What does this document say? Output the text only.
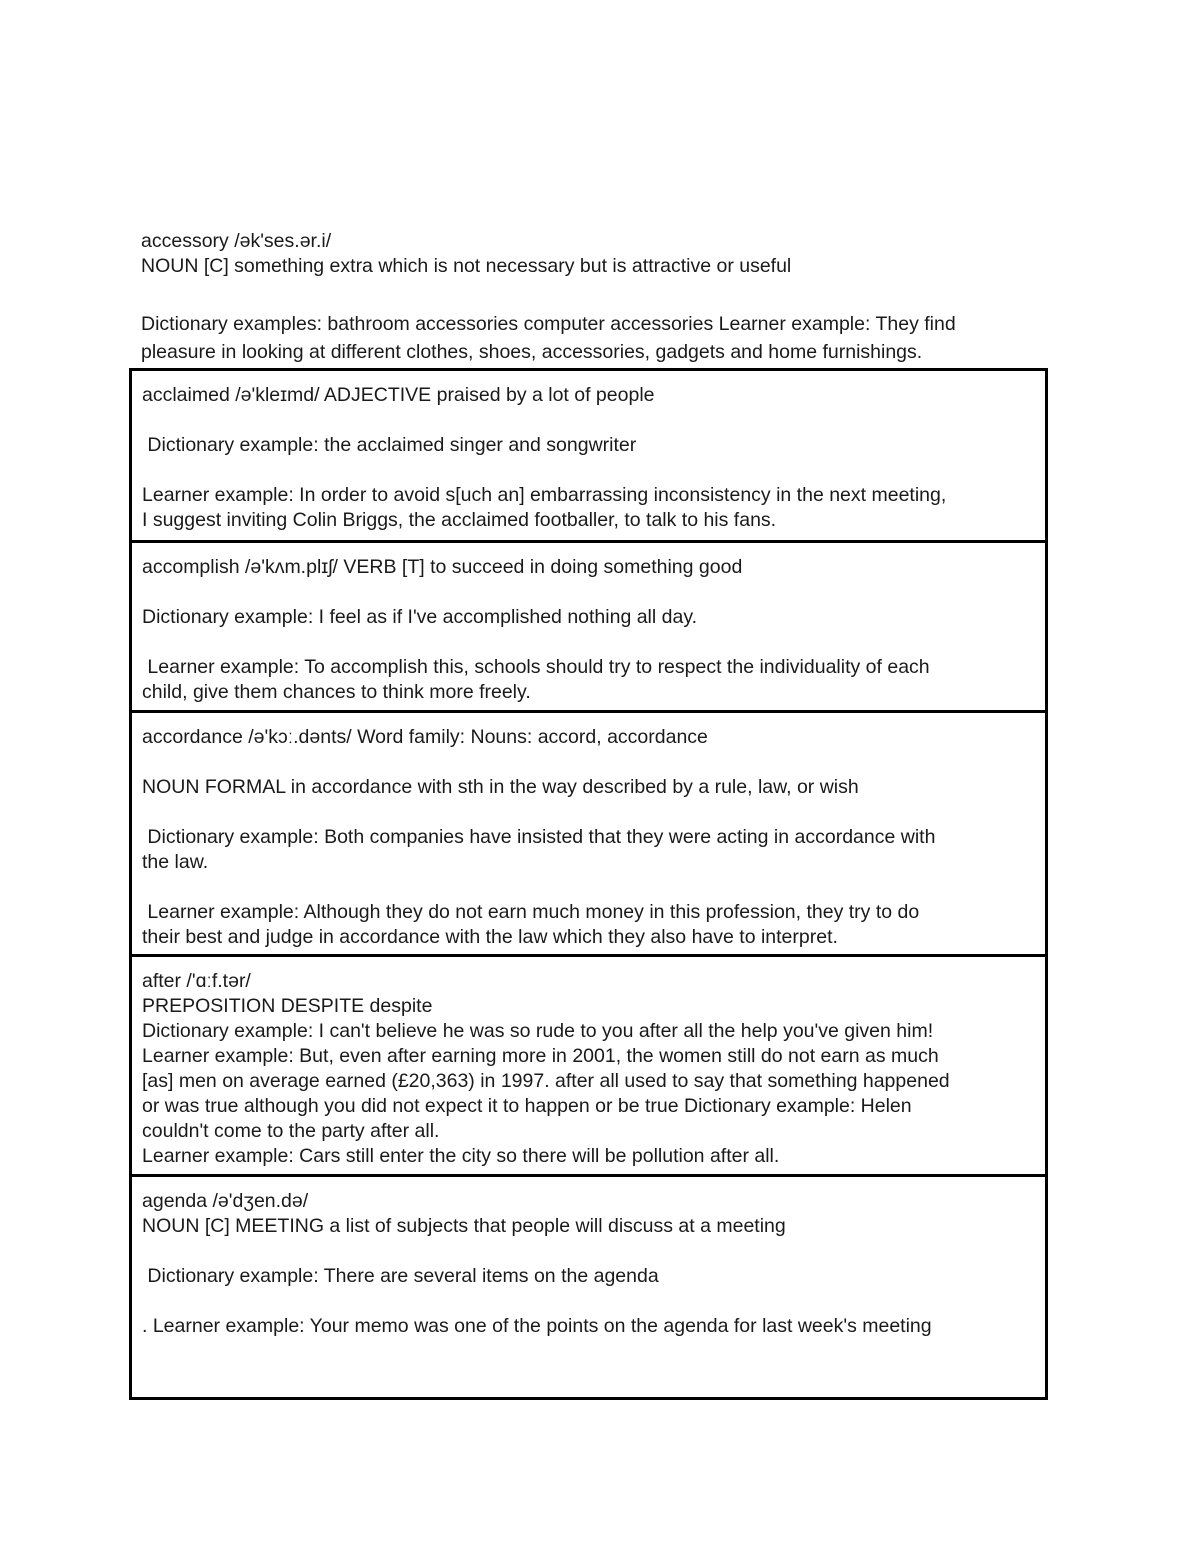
accessory /ək'ses.ər.i/

NOUN [C] something extra which is not necessary but is attractive or useful

Dictionary examples: bathroom accessories computer accessories Learner example: They find

pleasure in looking at different clothes, shoes, accessories, gadgets and home furnishings.

acclaimed /ə'kleɪmd/ ADJECTIVE praised by a lot of people

Dictionary example: the acclaimed singer and songwriter

Learner example: In order to avoid s[uch an] embarrassing inconsistency in the next meeting,

I suggest inviting Colin Briggs, the acclaimed footballer, to talk to his fans.

accomplish /ə'kʌm.plɪʃ/ VERB [T] to succeed in doing something good

Dictionary example: I feel as if I've accomplished nothing all day.

Learner example: To accomplish this, schools should try to respect the individuality of each

child, give them chances to think more freely.

accordance /ə'kɔː.dənts/ Word family: Nouns: accord, accordance

NOUN FORMAL in accordance with sth in the way described by a rule, law, or wish

Dictionary example: Both companies have insisted that they were acting in accordance with

the law.

Learner example: Although they do not earn much money in this profession, they try to do

their best and judge in accordance with the law which they also have to interpret.

after /'ɑːf.tər/

PREPOSITION DESPITE despite

Dictionary example: I can't believe he was so rude to you after all the help you've given him!

Learner example: But, even after earning more in 2001, the women still do not earn as much

[as] men on average earned (£20,363) in 1997. after all used to say that something happened

or was true although you did not expect it to happen or be true Dictionary example: Helen

couldn't come to the party after all.

Learner example: Cars still enter the city so there will be pollution after all.

agenda /ə'dʒen.də/

NOUN [C] MEETING a list of subjects that people will discuss at a meeting

Dictionary example: There are several items on the agenda

. Learner example: Your memo was one of the points on the agenda for last week's meeting
